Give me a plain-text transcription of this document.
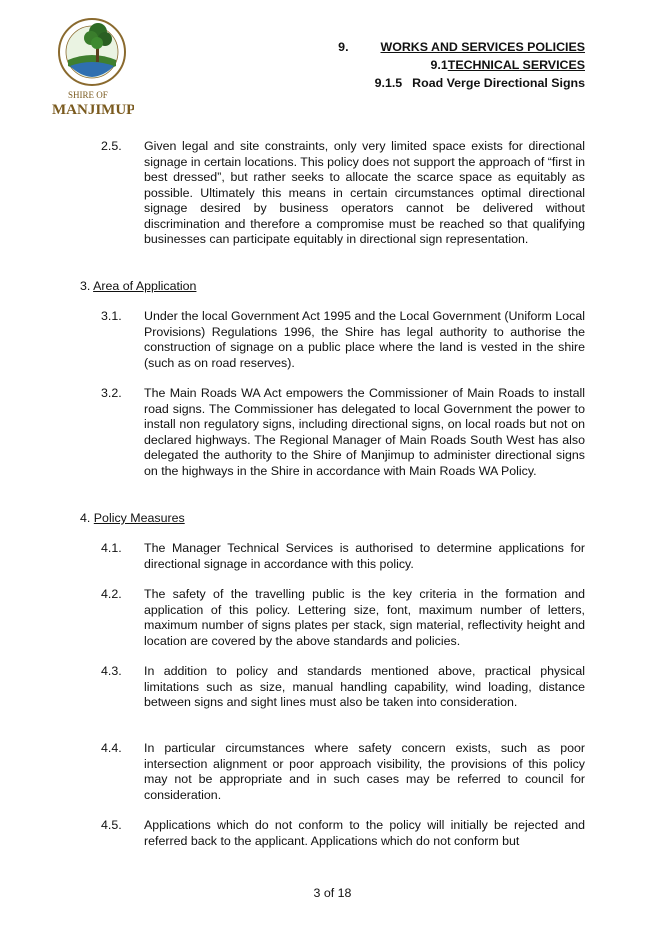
SHIRE OF
MANJIMUP
9.	WORKS AND SERVICES POLICIES
9.1TECHNICAL SERVICES
9.1.5 Road Verge Directional Signs
2.5. Given legal and site constraints, only very limited space exists for directional signage in certain locations. This policy does not support the approach of “first in best dressed”, but rather seeks to allocate the scarce space as equitably as possible. Ultimately this means in certain circumstances optimal directional signage desired by business operators cannot be delivered without discrimination and therefore a compromise must be reached so that qualifying businesses can participate equitably in directional sign representation.
3. Area of Application
3.1. Under the local Government Act 1995 and the Local Government (Uniform Local Provisions) Regulations 1996, the Shire has legal authority to authorise the construction of signage on a public place where the land is vested in the shire (such as on road reserves).
3.2. The Main Roads WA Act empowers the Commissioner of Main Roads to install road signs. The Commissioner has delegated to local Government the power to install non regulatory signs, including directional signs, on local roads but not on declared highways. The Regional Manager of Main Roads South West has also delegated the authority to the Shire of Manjimup to administer directional signs on the highways in the Shire in accordance with Main Roads WA Policy.
4. Policy Measures
4.1. The Manager Technical Services is authorised to determine applications for directional signage in accordance with this policy.
4.2. The safety of the travelling public is the key criteria in the formation and application of this policy. Lettering size, font, maximum number of letters, maximum number of signs plates per stack, sign material, reflectivity height and location are covered by the above standards and policies.
4.3. In addition to policy and standards mentioned above, practical physical limitations such as size, manual handling capability, wind loading, distance between signs and sight lines must also be taken into consideration.
4.4. In particular circumstances where safety concern exists, such as poor intersection alignment or poor approach visibility, the provisions of this policy may not be appropriate and in such cases may be referred to council for consideration.
4.5. Applications which do not conform to the policy will initially be rejected and referred back to the applicant. Applications which do not conform but
3 of 18
